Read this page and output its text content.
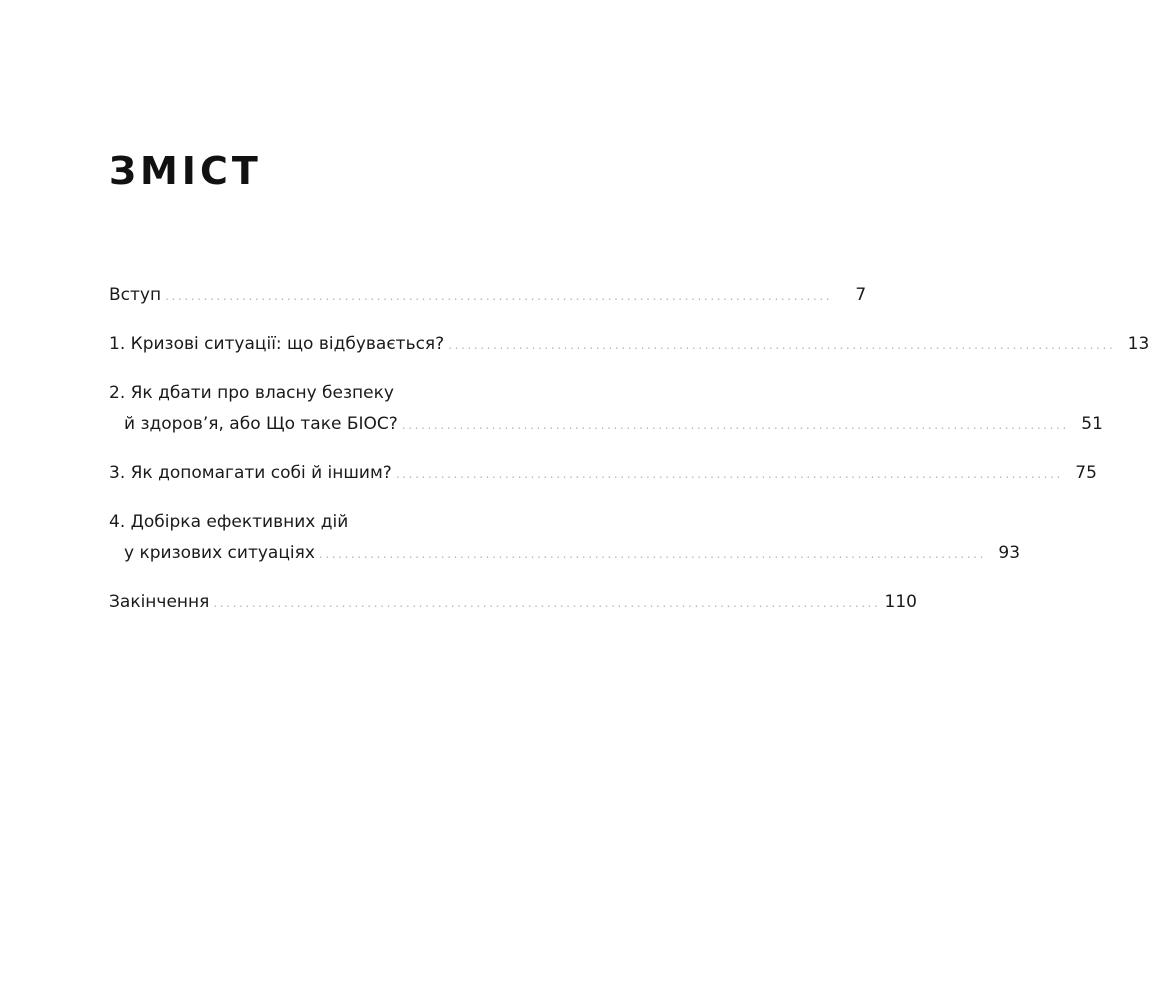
ЗМІСТ
Вступ ........................................................................................................	7
1. Кризові ситуації: що відбувається? ........................................................................................................ 13
2. Як дбати про власну безпеку
й здоров’я, або Що таке БІОС? ........................................................................................................ 51
3. Як допомагати собі й іншим? ........................................................................................................ 75
4. Добірка ефективних дій
у кризових ситуаціях ........................................................................................................ 93
Закінчення ........................................................................................................ 110
